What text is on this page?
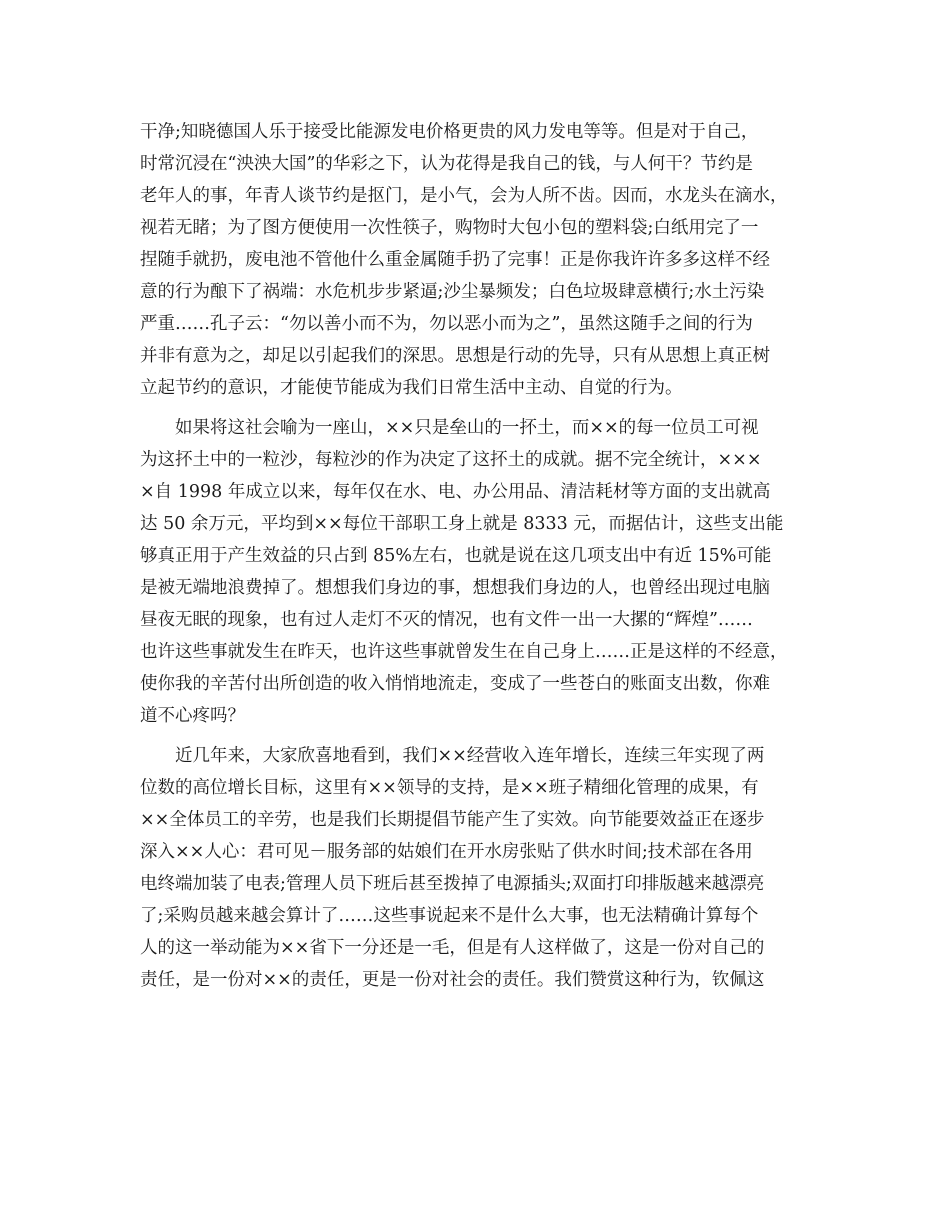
干净;知晓德国人乐于接受比能源发电价格更贵的风力发电等等。但是对于自己，
时常沉浸在“泱泱大国”的华彩之下，认为花得是我自己的钱，与人何干？节约是
老年人的事，年青人谈节约是抠门，是小气，会为人所不齿。因而，水龙头在滴水，
视若无睹；为了图方便使用一次性筷子，购物时大包小包的塑料袋;白纸用完了一
捏随手就扔，废电池不管他什么重金属随手扔了完事！正是你我许许多多这样不经
意的行为酿下了祸端：水危机步步紧逼;沙尘暴频发；白色垃圾肆意横行;水土污染
严重……孔子云：“勿以善小而不为，勿以恶小而为之”，虽然这随手之间的行为
并非有意为之，却足以引起我们的深思。思想是行动的先导，只有从思想上真正树
立起节约的意识，才能使节能成为我们日常生活中主动、自觉的行为。
　　如果将这社会喻为一座山，××只是垒山的一抔土，而××的每一位员工可视
为这抔土中的一粒沙，每粒沙的作为决定了这抔土的成就。据不完全统计，×××
×自 1998 年成立以来，每年仅在水、电、办公用品、清洁耗材等方面的支出就高
达 50 余万元，平均到××每位干部职工身上就是 8333 元，而据估计，这些支出能
够真正用于产生效益的只占到 85%左右，也就是说在这几项支出中有近 15%可能
是被无端地浪费掉了。想想我们身边的事，想想我们身边的人，也曾经出现过电脑
昼夜无眠的现象，也有过人走灯不灭的情况，也有文件一出一大摞的“辉煌”……
也许这些事就发生在昨天，也许这些事就曾发生在自己身上……正是这样的不经意，
使你我的辛苦付出所创造的收入悄悄地流走，变成了一些苍白的账面支出数，你难
道不心疼吗？
　　近几年来，大家欣喜地看到，我们××经营收入连年增长，连续三年实现了两
位数的高位增长目标，这里有××领导的支持，是××班子精细化管理的成果，有
××全体员工的辛劳，也是我们长期提倡节能产生了实效。向节能要效益正在逐步
深入××人心：君可见－服务部的姑娘们在开水房张贴了供水时间;技术部在各用
电终端加装了电表;管理人员下班后甚至拨掉了电源插头;双面打印排版越来越漂亮
了;采购员越来越会算计了……这些事说起来不是什么大事，也无法精确计算每个
人的这一举动能为××省下一分还是一毛，但是有人这样做了，这是一份对自己的
责任，是一份对××的责任，更是一份对社会的责任。我们赞赏这种行为，钦佩这
